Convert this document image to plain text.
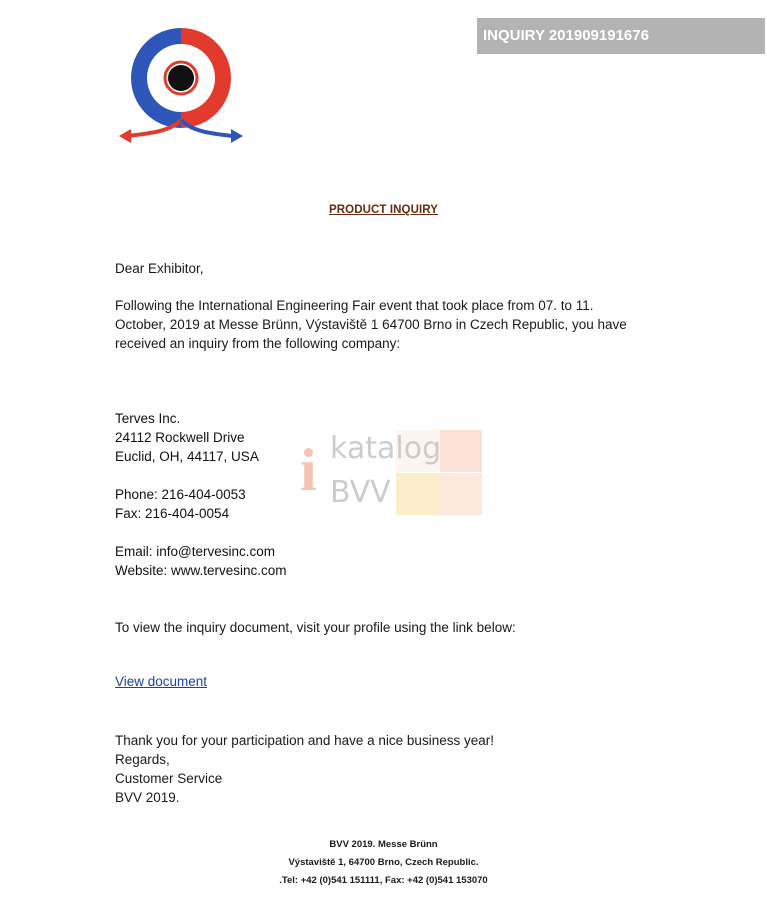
INQUIRY 201909191676
PRODUCT INQUIRY
Dear Exhibitor,
Following the International Engineering Fair event that took place from 07. to 11.
October, 2019 at Messe Brünn, Výstaviště 1 64700 Brno in Czech Republic, you have
received an inquiry from the following company:
i katalog
BVV
Terves Inc.
24112 Rockwell Drive
Euclid, OH, 44117, USA
Phone: 216-404-0053
Fax: 216-404-0054
Email: info@tervesinc.com
Website: www.tervesinc.com
To view the inquiry document, visit your profile using the link below:
View document
Thank you for your participation and have a nice business year!
Regards,
Customer Service
BVV 2019.
BVV 2019. Messe Brünn
Výstaviště 1, 64700 Brno, Czech Republic.
.Tel: +42 (0)541 151111, Fax: +42 (0)541 153070
